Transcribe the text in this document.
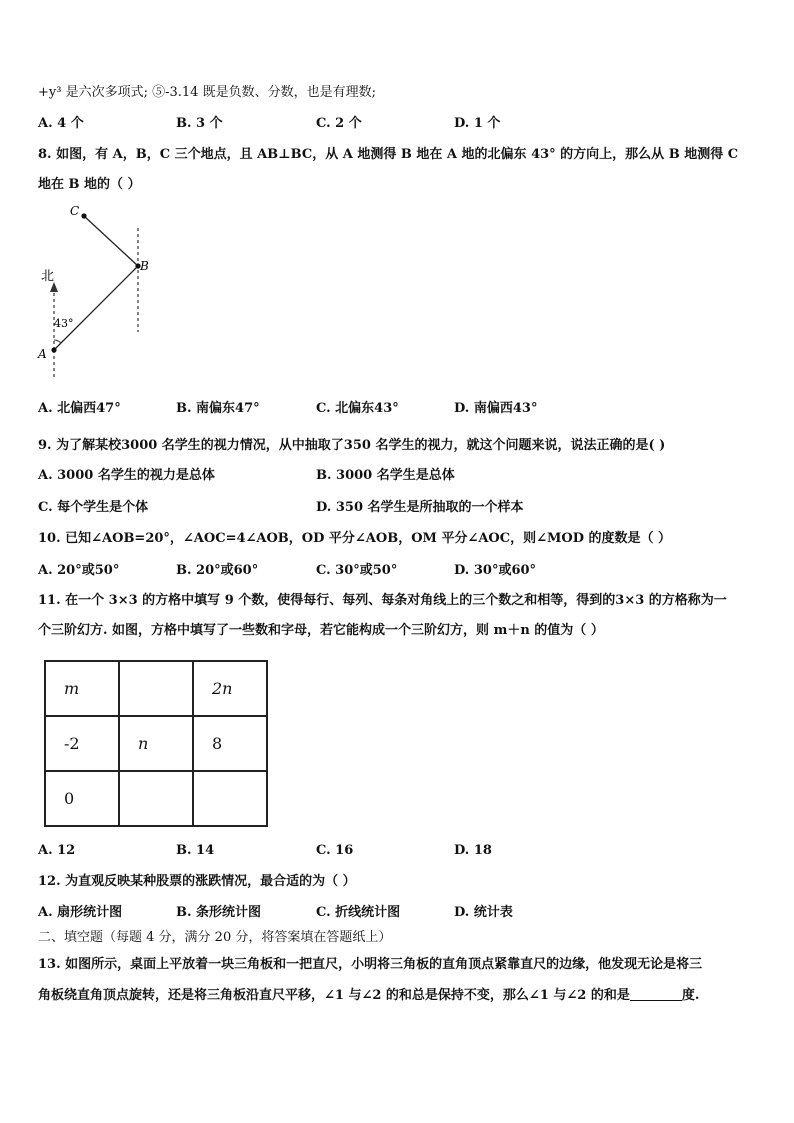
+y³ 是六次多项式; ⑤-3.14 既是负数、分数，也是有理数;
A. 4 个	B. 3 个	C. 2 个	D. 1 个
8. 如图，有 A，B，C 三个地点，且 AB⊥BC，从 A 地测得 B 地在 A 地的北偏东 43° 的方向上，那么从 B 地测得 C
地在 B 地的（ ）
C
B
A
北
43°
A. 北偏西47°	B. 南偏东47°	C. 北偏东43°	D. 南偏西43°
9. 为了解某校3000 名学生的视力情况，从中抽取了350 名学生的视力，就这个问题来说，说法正确的是( )
A. 3000 名学生的视力是总体	B. 3000 名学生是总体
C. 每个学生是个体	D. 350 名学生是所抽取的一个样本
10. 已知∠AOB=20°，∠AOC=4∠AOB，OD 平分∠AOB，OM 平分∠AOC，则∠MOD 的度数是（ ）
A. 20°或50°	B. 20°或60°	C. 30°或50°	D. 30°或60°
11. 在一个 3×3 的方格中填写 9 个数，使得每行、每列、每条对角线上的三个数之和相等，得到的3×3 的方格称为一
个三阶幻方. 如图，方格中填写了一些数和字母，若它能构成一个三阶幻方，则 m＋n 的值为（ ）
m		2n
-2	n	8
0		
A. 12	B. 14	C. 16	D. 18
12. 为直观反映某种股票的涨跌情况，最合适的为（ ）
A. 扇形统计图	B. 条形统计图	C. 折线统计图	D. 统计表
二、填空题（每题 4 分，满分 20 分，将答案填在答题纸上）
13. 如图所示，桌面上平放着一块三角板和一把直尺，小明将三角板的直角顶点紧靠直尺的边缘，他发现无论是将三
角板绕直角顶点旋转，还是将三角板沿直尺平移，∠1 与∠2 的和总是保持不变，那么∠1 与∠2 的和是	度.
